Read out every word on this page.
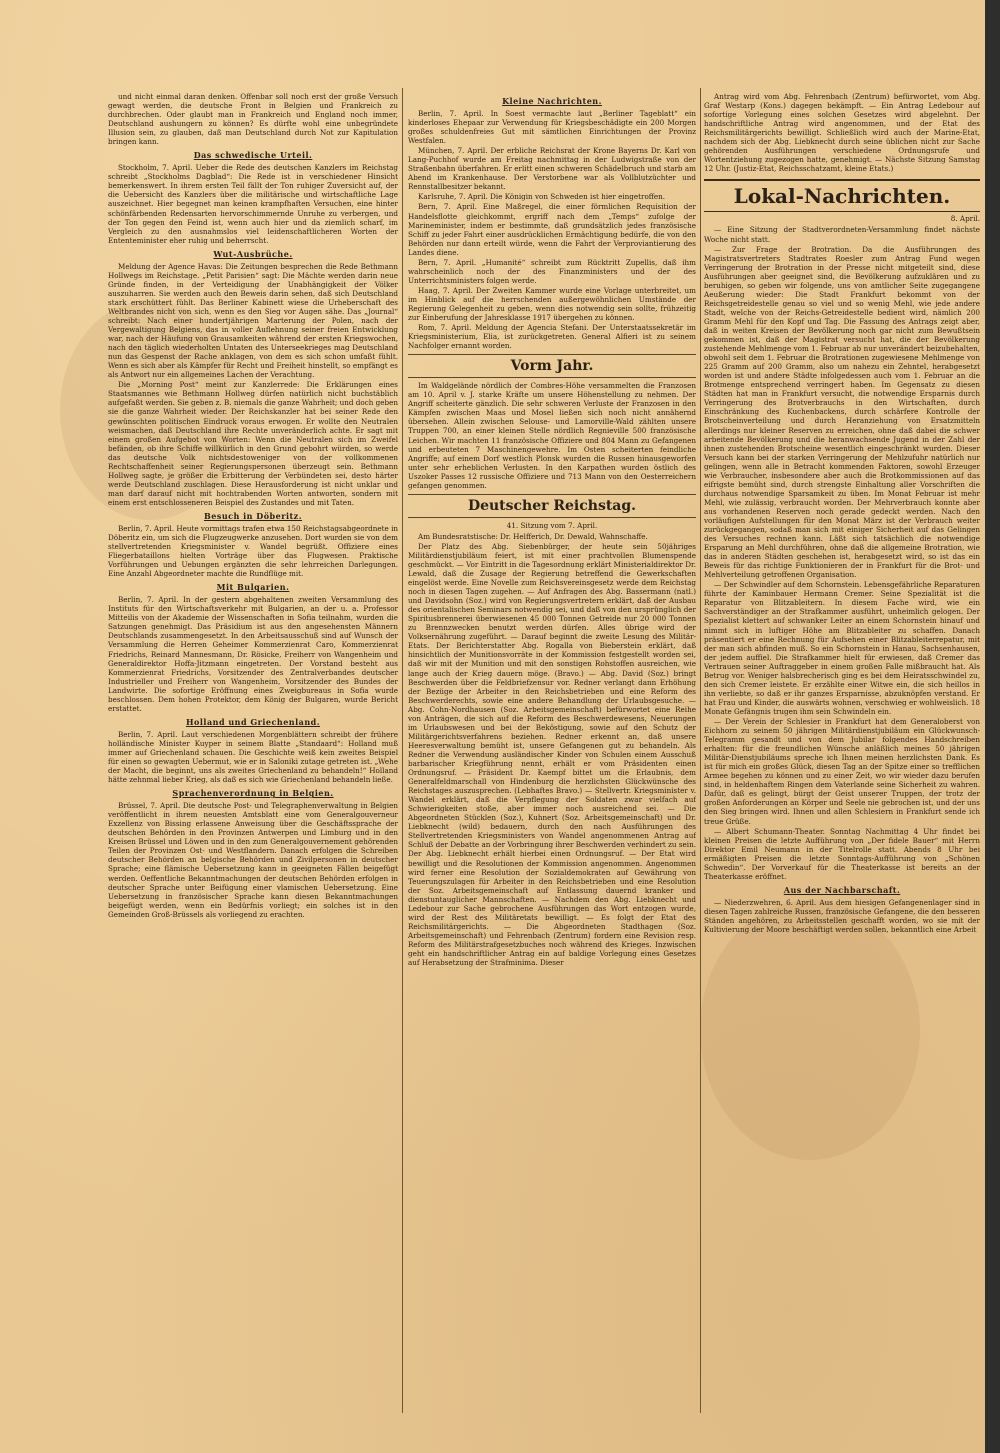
und nicht einmal daran denken. Offenbar soll noch erst der große Versuch gewagt werden, die deutsche Front in Belgien und Frankreich zu durchbrechen. Oder glaubt man in Frankreich und England noch immer, Deutschland aushungern zu können? Es dürfte wohl eine unbegründete Illusion sein, zu glauben, daß man Deutschland durch Not zur Kapitulation bringen kann.

Das schwedische Urteil.

Stockholm, 7. April. Ueber die Rede des deutschen Kanzlers im Reichstag schreibt „Stockholms Dagblad“: Die Rede ist in verschiedener Hinsicht bemerkenswert. In ihrem ersten Teil fällt der Ton ruhiger Zuversicht auf, der die Uebersicht des Kanzlers über die militärische und wirtschaftliche Lage auszeichnet. Hier begegnet man keinen krampfhaften Versuchen, eine hinter schönfärbenden Redensarten hervorschimmernde Unruhe zu verbergen, und der Ton gegen den Feind ist, wenn auch hier und da ziemlich scharf, im Vergleich zu den ausnahmslos viel leidenschaftlicheren Worten der Ententeminister eher ruhig und beherrscht.

Wut-Ausbrüche.

Meldung der Agence Havas: Die Zeitungen besprechen die Rede Bethmann Hollwegs im Reichstage. „Petit Parisien“ sagt: Die Mächte werden darin neue Gründe finden, in der Verteidigung der Unabhängigkeit der Völker auszuharren. Sie werden auch den Beweis darin sehen, daß sich Deutschland stark erschüttert fühlt. Das Berliner Kabinett wiese die Urheberschaft des Weltbrandes nicht von sich, wenn es den Sieg vor Augen sähe. Das „Journal“ schreibt: Nach einer hundertjährigen Marterung der Polen, nach der Vergewaltigung Belgiens, das in voller Auflehnung seiner freien Entwicklung war, nach der Häufung von Grausamkeiten während der ersten Kriegswochen, nach den täglich wiederholten Untaten des Unterseekrieges mag Deutschland nun das Gespenst der Rache anklagen, von dem es sich schon umfaßt fühlt. Wenn es sich aber als Kämpfer für Recht und Freiheit hinstellt, so empfängt es als Antwort nur ein allgemeines Lachen der Verachtung.

Die „Morning Post“ meint zur Kanzlerrede: Die Erklärungen eines Staatsmannes wie Bethmann Hollweg dürfen natürlich nicht buchstäblich aufgefaßt werden. Sie geben z. B. niemals die ganze Wahrheit; und doch geben sie die ganze Wahrheit wieder. Der Reichskanzler hat bei seiner Rede den gewünschten politischen Eindruck voraus erwogen. Er wollte den Neutralen weismachen, daß Deutschland ihre Rechte unveränderlich achte. Er sagt mit einem großen Aufgebot von Worten: Wenn die Neutralen sich im Zweifel befänden, ob ihre Schiffe willkürlich in den Grund gebohrt würden, so werde das deutsche Volk nichtsdestoweniger von der vollkommenen Rechtschaffenheit seiner Regierungspersonen überzeugt sein. Bethmann Hollweg sagte, je größer die Erbitterung der Verbündeten sei, desto härter werde Deutschland zuschlagen. Diese Herausforderung ist nicht unklar und man darf darauf nicht mit hochtrabenden Worten antworten, sondern mit einem erst entschlosseneren Beispiel des Zustandes und mit Taten.

Besuch in Döberitz.

Berlin, 7. April. Heute vormittags trafen etwa 150 Reichstagsabgeordnete in Döberitz ein, um sich die Flugzeugwerke anzusehen. Dort wurden sie von dem stellvertretenden Kriegsminister v. Wandel begrüßt. Offiziere eines Fliegerbataillons hielten Vorträge über das Flugwesen. Praktische Vorführungen und Uebungen ergänzten die sehr lehrreichen Darlegungen. Eine Anzahl Abgeordneter machte die Rundflüge mit.

Mit Bulgarien.

Berlin, 7. April. In der gestern abgehaltenen zweiten Versammlung des Instituts für den Wirtschaftsverkehr mit Bulgarien, an der u. a. Professor Mitteilis von der Akademie der Wissenschaften in Sofia teilnahm, wurden die Satzungen genehmigt. Das Präsidium ist aus den angesehensten Männern Deutschlands zusammengesetzt. In den Arbeitsausschuß sind auf Wunsch der Versammlung die Herren Geheimer Kommerzienrat Caro, Kommerzienrat Friedrichs, Reinard Mannesmann, Dr. Rösicke, Freiherr von Wangenheim und Generaldirektor Hoffa-Jitzmann eingetreten. Der Vorstand besteht aus Kommerzienrat Friedrichs, Vorsitzender des Zentralverbandes deutscher Industrieller und Freiherr von Wangenheim, Vorsitzender des Bundes der Landwirte. Die sofortige Eröffnung eines Zweigbureaus in Sofia wurde beschlossen. Dem hohen Protektor, dem König der Bulgaren, wurde Bericht erstattet.

Holland und Griechenland.

Berlin, 7. April. Laut verschiedenen Morgenblättern schreibt der frühere holländische Minister Kuyper in seinem Blatte „Standaard“: Holland muß immer auf Griechenland schauen. Die Geschichte weiß kein zweites Beispiel für einen so gewagten Uebermut, wie er in Saloniki zutage getreten ist. „Wehe der Macht, die beginnt, uns als zweites Griechenland zu behandeln!“ Holland hätte zehnmal lieber Krieg, als daß es sich wie Griechenland behandeln ließe.

Sprachenverordnung in Belgien.

Brüssel, 7. April. Die deutsche Post- und Telegraphenverwaltung in Belgien veröffentlicht in ihrem neuesten Amtsblatt eine vom Generalgouverneur Exzellenz von Bissing erlassene Anweisung über die Geschäftssprache der deutschen Behörden in den Provinzen Antwerpen und Limburg und in den Kreisen Brüssel und Löwen und in den zum Generalgouvernement gehörenden Teilen der Provinzen Ost- und Westflandern. Danach erfolgen die Schreiben deutscher Behörden an belgische Behörden und Zivilpersonen in deutscher Sprache; eine flämische Uebersetzung kann in geeigneten Fällen beigefügt werden. Oeffentliche Bekanntmachungen der deutschen Behörden erfolgen in deutscher Sprache unter Beifügung einer vlamischen Uebersetzung. Eine Uebersetzung in französischer Sprache kann diesen Bekanntmachungen beigefügt werden, wenn ein Bedürfnis vorliegt; ein solches ist in den Gemeinden Groß-Brüssels als vorliegend zu erachten.

Kleine Nachrichten.

Berlin, 7. April. In Soest vermachte laut „Berliner Tageblatt“ ein kinderloses Ehepaar zur Verwendung für Kriegsbeschädigte ein 200 Morgen großes schuldenfreies Gut mit sämtlichen Einrichtungen der Provinz Westfalen.

München, 7. April. Der erbliche Reichsrat der Krone Bayerns Dr. Karl von Lang-Puchhof wurde am Freitag nachmittag in der Ludwigstraße von der Straßenbahn überfahren. Er erlitt einen schweren Schädelbruch und starb am Abend im Krankenhause. Der Verstorbene war als Vollblutzüchter und Rennstallbesitzer bekannt.

Karlsruhe, 7. April. Die Königin von Schweden ist hier eingetroffen.

Bern, 7. April. Eine Maßregel, die einer förmlichen Requisition der Handelsflotte gleichkommt, ergriff nach dem „Temps“ zufolge der Marineminister, indem er bestimmte, daß grundsätzlich jedes französische Schiff zu jeder Fahrt einer ausdrücklichen Ermächtigung bedürfe, die von den Behörden nur dann erteilt würde, wenn die Fahrt der Verproviantierung des Landes diene.

Bern, 7. April. „Humanité“ schreibt zum Rücktritt Zupellis, daß ihm wahrscheinlich noch der des Finanzministers und der des Unterrichtsministers folgen werde.

Haag, 7. April. Der Zweiten Kammer wurde eine Vorlage unterbreitet, um im Hinblick auf die herrschenden außergewöhnlichen Umstände der Regierung Gelegenheit zu geben, wenn dies notwendig sein sollte, frühzeitig zur Einberufung der Jahresklasse 1917 übergehen zu können.

Rom, 7. April. Meldung der Agencia Stefani. Der Unterstaatssekretär im Kriegsministerium, Elia, ist zurückgetreten. General Alfieri ist zu seinem Nachfolger ernannt worden.

Vorm Jahr.

Im Waldgelände nördlich der Combres-Höhe versammelten die Franzosen am 10. April v. J. starke Kräfte um unsere Höhenstellung zu nehmen. Der Angriff scheiterte gänzlich. Die sehr schweren Verluste der Franzosen in den Kämpfen zwischen Maas und Mosel ließen sich noch nicht annähernd übersehen. Allein zwischen Selouse- und Lamorville-Wald zählten unsere Truppen 700, an einer kleinen Stelle nördlich Regnieville 500 französische Leichen. Wir machten 11 französische Offiziere und 804 Mann zu Gefangenen und erbeuteten 7 Maschinengewehre. Im Osten scheiterten feindliche Angriffe; auf einem Dorf westlich Plonsk wurden die Russen hinausgeworfen unter sehr erheblichen Verlusten. In den Karpathen wurden östlich des Uszoker Passes 12 russische Offiziere und 713 Mann von den Oesterreichern gefangen genommen.

Deutscher Reichstag.
41. Sitzung vom 7. April.

Am Bundesratstische: Dr. Helfferich, Dr. Dewald, Wahnschaffe.

Der Platz des Abg. Siebenbürger, der heute sein 50jähriges Militärdienstjubiläum feiert, ist mit einer prachtvollen Blumenspende geschmückt. — Vor Eintritt in die Tagesordnung erklärt Ministerialdirektor Dr. Lewald, daß die Zusage der Regierung betreffend die Gewerkschaften eingelöst werde. Eine Novelle zum Reichsvereinsgesetz werde dem Reichstag noch in diesen Tagen zugehen. — Auf Anfragen des Abg. Bassermann (natl.) und Davidsohn (Soz.) wird von Regierungsvertretern erklärt, daß der Ausbau des orientalischen Seminars notwendig sei, und daß von den ursprünglich der Spiritusbrennerei überwiesenen 45 000 Tonnen Getreide nur 20 000 Tonnen zu Brennzwecken benutzt werden dürfen. Alles übrige wird der Volksernährung zugeführt. — Darauf beginnt die zweite Lesung des Militär-Etats. Der Berichterstatter Abg. Rogalla von Bieberstein erklärt, daß hinsichtlich der Munitionsvorräte in der Kommission festgestellt worden sei, daß wir mit der Munition und mit den sonstigen Rohstoffen ausreichen, wie lange auch der Krieg dauern möge. (Bravo.) — Abg. David (Soz.) bringt Beschwerden über die Feldbriefzensur vor. Redner verlangt dann Erhöhung der Bezüge der Arbeiter in den Reichsbetrieben und eine Reform des Beschwerderechts, sowie eine andere Behandlung der Urlaubsgesuche. — Abg. Cohn-Nordhausen (Soz. Arbeitsgemeinschaft) befürwortet eine Reihe von Anträgen, die sich auf die Reform des Beschwerdewesens, Neuerungen im Urlaubswesen und bei der Beköstigung, sowie auf den Schutz der Militärgerichtsverfahrens beziehen. Redner erkennt an, daß unsere Heeresverwaltung bemüht ist, unsere Gefangenen gut zu behandeln. Als Redner die Verwendung ausländischer Kinder von Schulen einem Ausschuß barbarischer Kriegführung nennt, erhält er vom Präsidenten einen Ordnungsruf. — Präsident Dr. Kaempf bittet um die Erlaubnis, dem Generalfeldmarschall von Hindenburg die herzlichsten Glückwünsche des Reichstages auszusprechen. (Lebhaftes Bravo.) — Stellvertr. Kriegsminister v. Wandel erklärt, daß die Verpflegung der Soldaten zwar vielfach auf Schwierigkeiten stoße, aber immer noch ausreichend sei. — Die Abgeordneten Stücklen (Soz.), Kuhnert (Soz. Arbeitsgemeinschaft) und Dr. Liebknecht (wild) bedauern, durch den nach Ausführungen des Stellvertretenden Kriegsministers von Wandel angenommenen Antrag auf Schluß der Debatte an der Vorbringung ihrer Beschwerden verhindert zu sein. Der Abg. Liebknecht erhält hierbei einen Ordnungsruf. — Der Etat wird bewilligt und die Resolutionen der Kommission angenommen. Angenommen wird ferner eine Resolution der Sozialdemokraten auf Gewährung von Teuerungszulagen für Arbeiter in den Reichsbetrieben und eine Resolution der Soz. Arbeitsgemeinschaft auf Entlassung dauernd kranker und dienstuntauglicher Mannschaften. — Nachdem den Abg. Liebknecht und Ledebour zur Sache gebrochene Ausführungen das Wort entzogen wurde, wird der Rest des Militäretats bewilligt. — Es folgt der Etat des Reichsmilitärgerichts. — Die Abgeordneten Stadthagen (Soz. Arbeitsgemeinschaft) und Fehrenbach (Zentrum) fordern eine Revision resp. Reform des Militärstrafgesetzbuches noch während des Krieges. Inzwischen geht ein handschriftlicher Antrag ein auf baldige Vorlegung eines Gesetzes auf Herabsetzung der Strafminima. Dieser

Antrag wird vom Abg. Fehrenbach (Zentrum) befürwortet, vom Abg. Graf Westarp (Kons.) dagegen bekämpft. — Ein Antrag Ledebour auf sofortige Vorlegung eines solchen Gesetzes wird abgelehnt. Der handschriftliche Antrag wird angenommen, und der Etat des Reichsmilitärgerichts bewilligt. Schließlich wird auch der Marine-Etat, nachdem sich der Abg. Liebknecht durch seine üblichen nicht zur Sache gehörenden Ausführungen verschiedene Ordnungsrufe und Wortentziehung zugezogen hatte, genehmigt. — Nächste Sitzung Samstag 12 Uhr. (Justiz-Etat, Reichsschatzamt, kleine Etats.)

Lokal-Nachrichten.
8. April.

— Eine Sitzung der Stadtverordneten-Versammlung findet nächste Woche nicht statt.

— Zur Frage der Brotration. Da die Ausführungen des Magistratsvertreters Stadtrates Roesler zum Antrag Fund wegen Verringerung der Brotration in der Presse nicht mitgeteilt sind, diese Ausführungen aber geeignet sind, die Bevölkerung aufzuklären und zu beruhigen, so geben wir folgende, uns von amtlicher Seite zugegangene Aeußerung wieder: Die Stadt Frankfurt bekommt von der Reichsgetreidestelle genau so viel und so wenig Mehl, wie jede andere Stadt, welche von der Reichs-Getreidestelle bedient wird, nämlich 200 Gramm Mehl für den Kopf und Tag. Die Fassung des Antrags zeigt aber, daß in weiten Kreisen der Bevölkerung noch gar nicht zum Bewußtsein gekommen ist, daß der Magistrat versucht hat, die der Bevölkerung zustehende Mehlmenge vom 1. Februar ab nur unverändert beizubehalten, obwohl seit dem 1. Februar die Brotrationen zugewiesene Mehlmenge von 225 Gramm auf 200 Gramm, also um nahezu ein Zehntel, herabgesetzt worden ist und andere Städte infolgedessen auch vom 1. Februar an die Brotmenge entsprechend verringert haben. Im Gegensatz zu diesen Städten hat man in Frankfurt versucht, die notwendige Ersparnis durch Verringerung des Brotverbrauchs in den Wirtschaften, durch Einschränkung des Kuchenbackens, durch schärfere Kontrolle der Brotscheinverteilung und durch Heranziehung von Ersatzmitteln allerdings nur kleiner Reserven zu erreichen, ohne daß dabei die schwer arbeitende Bevölkerung und die heranwachsende Jugend in der Zahl der ihnen zustehenden Brotscheine wesentlich eingeschränkt wurden. Dieser Versuch kann bei der starken Verringerung der Mehlzufuhr natürlich nur gelingen, wenn alle in Betracht kommenden Faktoren, sowohl Erzeuger wie Verbraucher, insbesondere aber auch die Brotkommissionen auf das eifrigste bemüht sind, durch strengste Einhaltung aller Vorschriften die durchaus notwendige Sparsamkeit zu üben. Im Monat Februar ist mehr Mehl, wie zulässig, verbraucht worden. Der Mehrverbrauch konnte aber aus vorhandenen Reserven noch gerade gedeckt werden. Nach den vorläufigen Aufstellungen für den Monat März ist der Verbrauch weiter zurückgegangen, sodaß man sich mit einiger Sicherheit auf das Gelingen des Versuches rechnen kann. Läßt sich tatsächlich die notwendige Ersparung an Mehl durchführen, ohne daß die allgemeine Brotration, wie das in anderen Städten geschehen ist, herabgesetzt wird, so ist das ein Beweis für das richtige Funktionieren der in Frankfurt für die Brot- und Mehlverteilung getroffenen Organisation.

— Der Schwindler auf dem Schornstein. Lebensgefährliche Reparaturen führte der Kaminbauer Hermann Cremer. Seine Spezialität ist die Reparatur von Blitzableitern. In diesem Fache wird, wie ein Sachverständiger an der Strafkammer ausführt, unheimlich gelogen. Der Spezialist klettert auf schwanker Leiter an einem Schornstein hinauf und nimmt sich in luftiger Höhe am Blitzableiter zu schaffen. Danach präsentiert er eine Rechnung für Aufsehen einer Blitzableiterrepatur, mit der man sich abfinden muß. So ein Schornstein in Hanau, Sachsenhausen, der jedem auffiel. Die Strafkammer hielt für erwiesen, daß Cremer das Vertrauen seiner Auftraggeber in einem großen Falle mißbraucht hat. Als Betrug vor. Weniger halsbrecherisch ging es bei dem Heiratsschwindel zu, den sich Cremer leistete. Er erzählte einer Witwe ein, die sich heillos in ihn verliebte, so daß er ihr ganzes Ersparnisse, abzuknöpfen verstand. Er hat Frau und Kinder, die auswärts wohnen, verschwieg er wohlweislich. 18 Monate Gefängnis trugen ihm sein Schwindeln ein.

— Der Verein der Schlesier in Frankfurt hat dem Generaloberst von Eichhorn zu seinem 50 jährigen Militärdienstjubiläum ein Glückwunsch-Telegramm gesandt und von dem Jubilar folgendes Handschreiben erhalten: für die freundlichen Wünsche anläßlich meines 50 jährigen Militär-Dienstjubiläums spreche ich Ihnen meinen herzlichsten Dank. Es ist für mich ein großes Glück, diesen Tag an der Spitze einer so trefflichen Armee begehen zu können und zu einer Zeit, wo wir wieder dazu berufen sind, in heldenhaftem Ringen dem Vaterlande seine Sicherheit zu wahren. Dafür, daß es gelingt, bürgt der Geist unserer Truppen, der trotz der großen Anforderungen an Körper und Seele nie gebrochen ist, und der uns den Sieg bringen wird. Ihnen und allen Schlesiern in Frankfurt sende ich treue Grüße.

— Albert Schumann-Theater. Sonntag Nachmittag 4 Uhr findet bei kleinen Preisen die letzte Aufführung von „Der fidele Bauer“ mit Herrn Direktor Emil Neumann in der Titelrolle statt. Abends 8 Uhr bei ermäßigten Preisen die letzte Sonntags-Aufführung von „Schönen Schwedin“. Der Vorverkauf für die Theaterkasse ist bereits an der Theaterkasse eröffnet.

Aus der Nachbarschaft.

— Niederzwehren, 6. April. Aus dem hiesigen Gefangenenlager sind in diesen Tagen zahlreiche Russen, französische Gefangene, die den besseren Ständen angehören, zu Arbeitsstellen geschafft worden, wo sie mit der Kultivierung der Moore beschäftigt werden sollen, bekanntlich eine Arbeit
